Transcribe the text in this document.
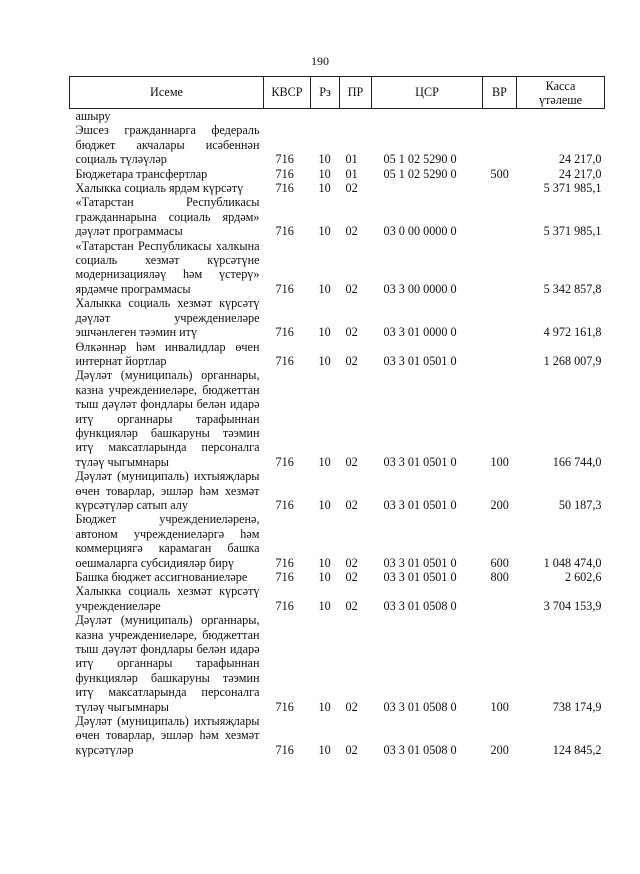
190
Исеме	КВСР	Рз	ПР	ЦСР	ВР	Касса
үтәлеше

ашыру						
Эшсез гражданнарга федераль бюджет акчалары исәбеннән социаль түләүләр	716	10	01	05 1 02 5290 0		24 217,0
Бюджетара трансфертлар	716	10	01	05 1 02 5290 0	500	24 217,0
Халыкка социаль ярдәм күрсәтү	716	10	02			5 371 985,1
«Татарстан Республикасы гражданнарына социаль ярдәм» дәүләт программасы	716	10	02	03 0 00 0000 0		5 371 985,1
«Татарстан Республикасы халкына социаль хезмәт күрсәтүне модернизацияләү һәм үстерү» ярдәмче программасы	716	10	02	03 3 00 0000 0		5 342 857,8
Халыкка социаль хезмәт күрсәтү дәүләт учреждениеләре эшчәнлеген тәэмин итү	716	10	02	03 3 01 0000 0		4 972 161,8
Өлкәннәр һәм инвалидлар өчен интернат йортлар	716	10	02	03 3 01 0501 0		1 268 007,9
Дәүләт (муниципаль) органнары, казна учреждениеләре, бюджеттан тыш дәүләт фондлары белән идарә итү органнары тарафыннан функцияләр башкаруны тәэмин итү максатларында персоналга түләү чыгымнары	716	10	02	03 3 01 0501 0	100	166 744,0
Дәүләт (муниципаль) ихтыяҗлары өчен товарлар, эшләр һәм хезмәт күрсәтүләр сатып алу	716	10	02	03 3 01 0501 0	200	50 187,3
Бюджет учреждениеләренә, автоном учреждениеләргә һәм коммерциягә карамаган башка оешмаларга субсидияләр бирү	716	10	02	03 3 01 0501 0	600	1 048 474,0
Башка бюджет ассигнованиеләре	716	10	02	03 3 01 0501 0	800	2 602,6
Халыкка социаль хезмәт күрсәтү учреждениеләре	716	10	02	03 3 01 0508 0		3 704 153,9
Дәүләт (муниципаль) органнары, казна учреждениеләре, бюджеттан тыш дәүләт фондлары белән идарә итү органнары тарафыннан функцияләр башкаруны тәэмин итү максатларында персоналга түләү чыгымнары	716	10	02	03 3 01 0508 0	100	738 174,9
Дәүләт (муниципаль) ихтыяҗлары өчен товарлар, эшләр һәм хезмәт күрсәтүләр	716	10	02	03 3 01 0508 0	200	124 845,2
